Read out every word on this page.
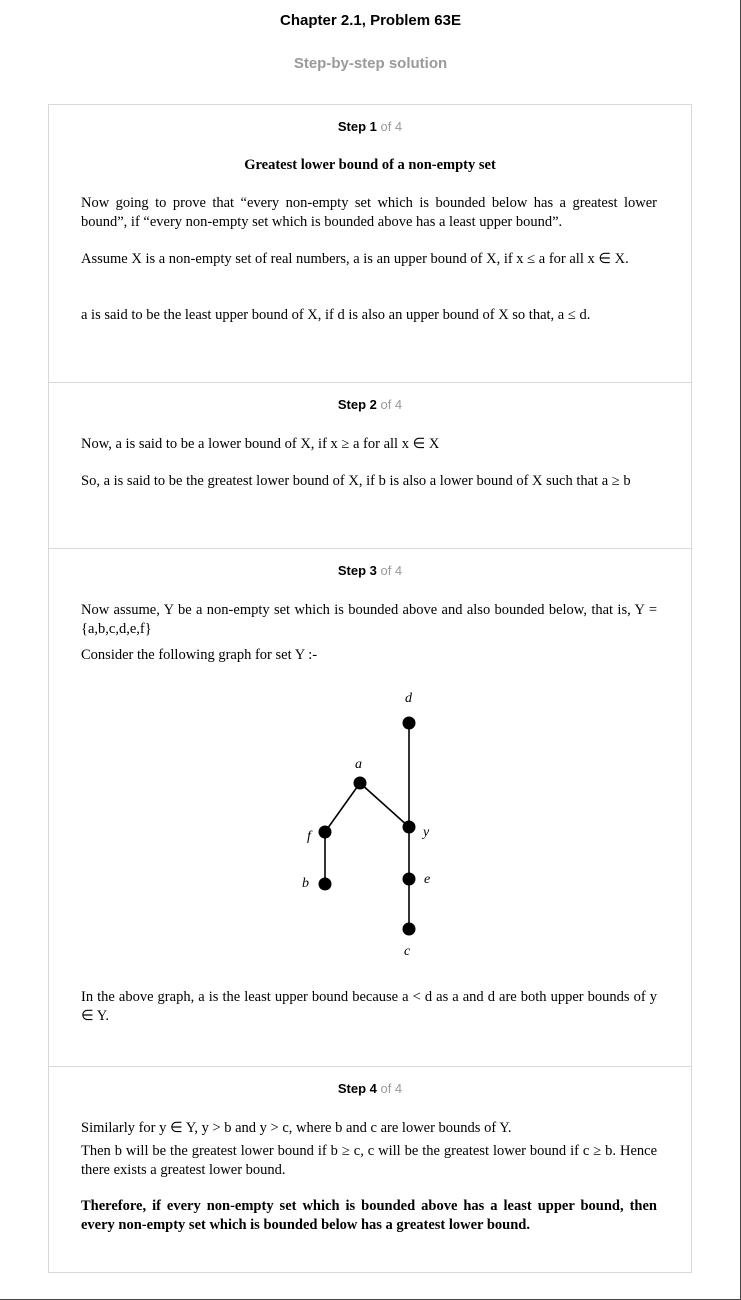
Chapter 2.1, Problem 63E
Step-by-step solution
Step 1 of 4
Greatest lower bound of a non-empty set
Now going to prove that “every non-empty set which is bounded below has a greatest lower bound”, if “every non-empty set which is bounded above has a least upper bound”.
Assume X is a non-empty set of real numbers, a is an upper bound of X, if x ≤ a for all x ∈ X.
a is said to be the least upper bound of X, if d is also an upper bound of X so that, a ≤ d.
Step 2 of 4
Now, a is said to be a lower bound of X, if x ≥ a for all x ∈ X
So, a is said to be the greatest lower bound of X, if b is also a lower bound of X such that a ≥ b
Step 3 of 4
Now assume, Y be a non-empty set which is bounded above and also bounded below, that is, Y = {a,b,c,d,e,f}
Consider the following graph for set Y :-
d
a
f	y
b	e
c
In the above graph, a is the least upper bound because a < d as a and d are both upper bounds of y ∈ Y.
Step 4 of 4
Similarly for y ∈ Y, y > b and y > c, where b and c are lower bounds of Y.
Then b will be the greatest lower bound if b ≥ c, c will be the greatest lower bound if c ≥ b. Hence there exists a greatest lower bound.
Therefore, if every non-empty set which is bounded above has a least upper bound, then every non-empty set which is bounded below has a greatest lower bound.
